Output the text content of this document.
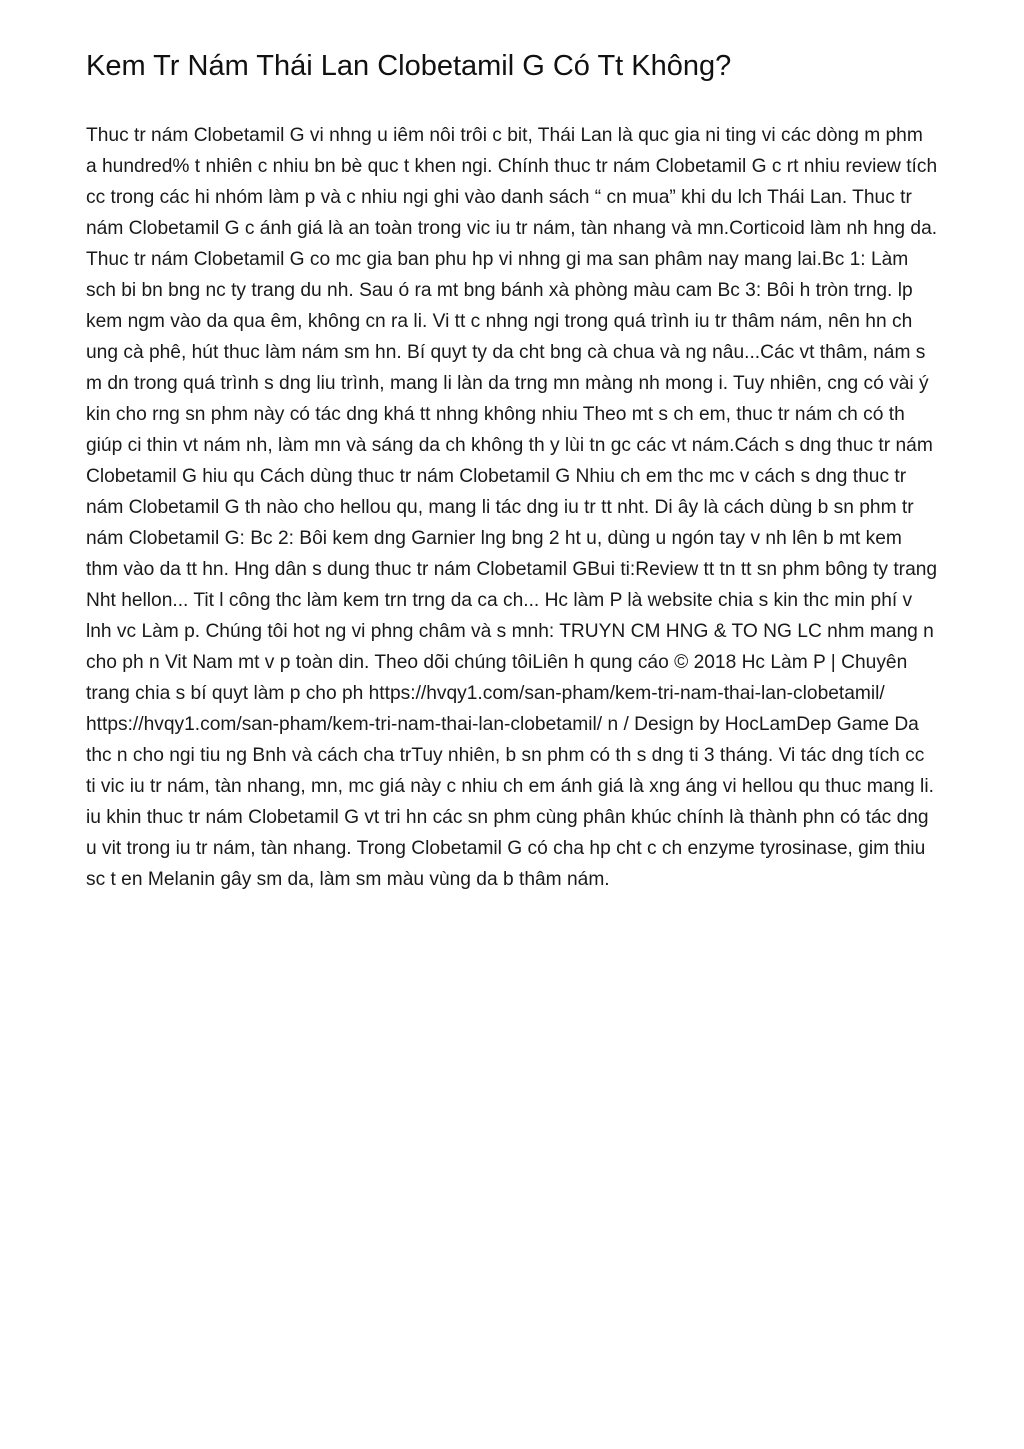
Kem Tr Nám Thái Lan Clobetamil G Có Tt Không?

Thuc tr nám Clobetamil G vi nhng u iêm nôi trôi c bit, Thái Lan là quc gia ni ting vi các dòng m phm a hundred% t nhiên c nhiu bn bè quc t khen ngi. Chính thuc tr nám Clobetamil G c rt nhiu review tích cc trong các hi nhóm làm p và c nhiu ngi ghi vào danh sách “ cn mua” khi du lch Thái Lan. Thuc tr nám Clobetamil G c ánh giá là an toàn trong vic iu tr nám, tàn nhang và mn.Corticoid làm nh hng da. Thuc tr nám Clobetamil G co mc gia ban phu hp vi nhng gi ma san phâm nay mang lai.Bc 1: Làm sch bi bn bng nc ty trang du nh. Sau ó ra mt bng bánh xà phòng màu cam Bc 3: Bôi h tròn trng. lp kem ngm vào da qua êm, không cn ra li. Vi tt c nhng ngi trong quá trình iu tr thâm nám, nên hn ch ung cà phê, hút thuc làm nám sm hn. Bí quyt ty da cht bng cà chua và ng nâu...Các vt thâm, nám s m dn trong quá trình s dng liu trình, mang li làn da trng mn màng nh mong i. Tuy nhiên, cng có vài ý kin cho rng sn phm này có tác dng khá tt nhng không nhiu Theo mt s ch em, thuc tr nám ch có th giúp ci thin vt nám nh, làm mn và sáng da ch không th y lùi tn gc các vt nám.Cách s dng thuc tr nám Clobetamil G hiu qu Cách dùng thuc tr nám Clobetamil G Nhiu ch em thc mc v cách s dng thuc tr nám Clobetamil G th nào cho hellou qu, mang li tác dng iu tr tt nht. Di ây là cách dùng b sn phm tr nám Clobetamil G: Bc 2: Bôi kem dng Garnier lng bng 2 ht u, dùng u ngón tay v nh lên b mt kem thm vào da tt hn. Hng dân s dung thuc tr nám Clobetamil GBui ti:Review tt tn tt sn phm bông ty trang Nht hellon... Tit l công thc làm kem trn trng da ca ch... Hc làm P là website chia s kin thc min phí v lnh vc Làm p. Chúng tôi hot ng vi phng châm và s mnh: TRUYN CM HNG & TO NG LC nhm mang n cho ph n Vit Nam mt v p toàn din. Theo dõi chúng tôiLiên h qung cáo © 2018 Hc Làm P | Chuyên trang chia s bí quyt làm p cho ph https://hvqy1.com/san-pham/kem-tri-nam-thai-lan-clobetamil/ https://hvqy1.com/san-pham/kem-tri-nam-thai-lan-clobetamil/ n / Design by HocLamDep Game Da thc n cho ngi tiu ng Bnh và cách cha trTuy nhiên, b sn phm có th s dng ti 3 tháng. Vi tác dng tích cc ti vic iu tr nám, tàn nhang, mn, mc giá này c nhiu ch em ánh giá là xng áng vi hellou qu thuc mang li. iu khin thuc tr nám Clobetamil G vt tri hn các sn phm cùng phân khúc chính là thành phn có tác dng u vit trong iu tr nám, tàn nhang. Trong Clobetamil G có cha hp cht c ch enzyme tyrosinase, gim thiu sc t en Melanin gây sm da, làm sm màu vùng da b thâm nám.
